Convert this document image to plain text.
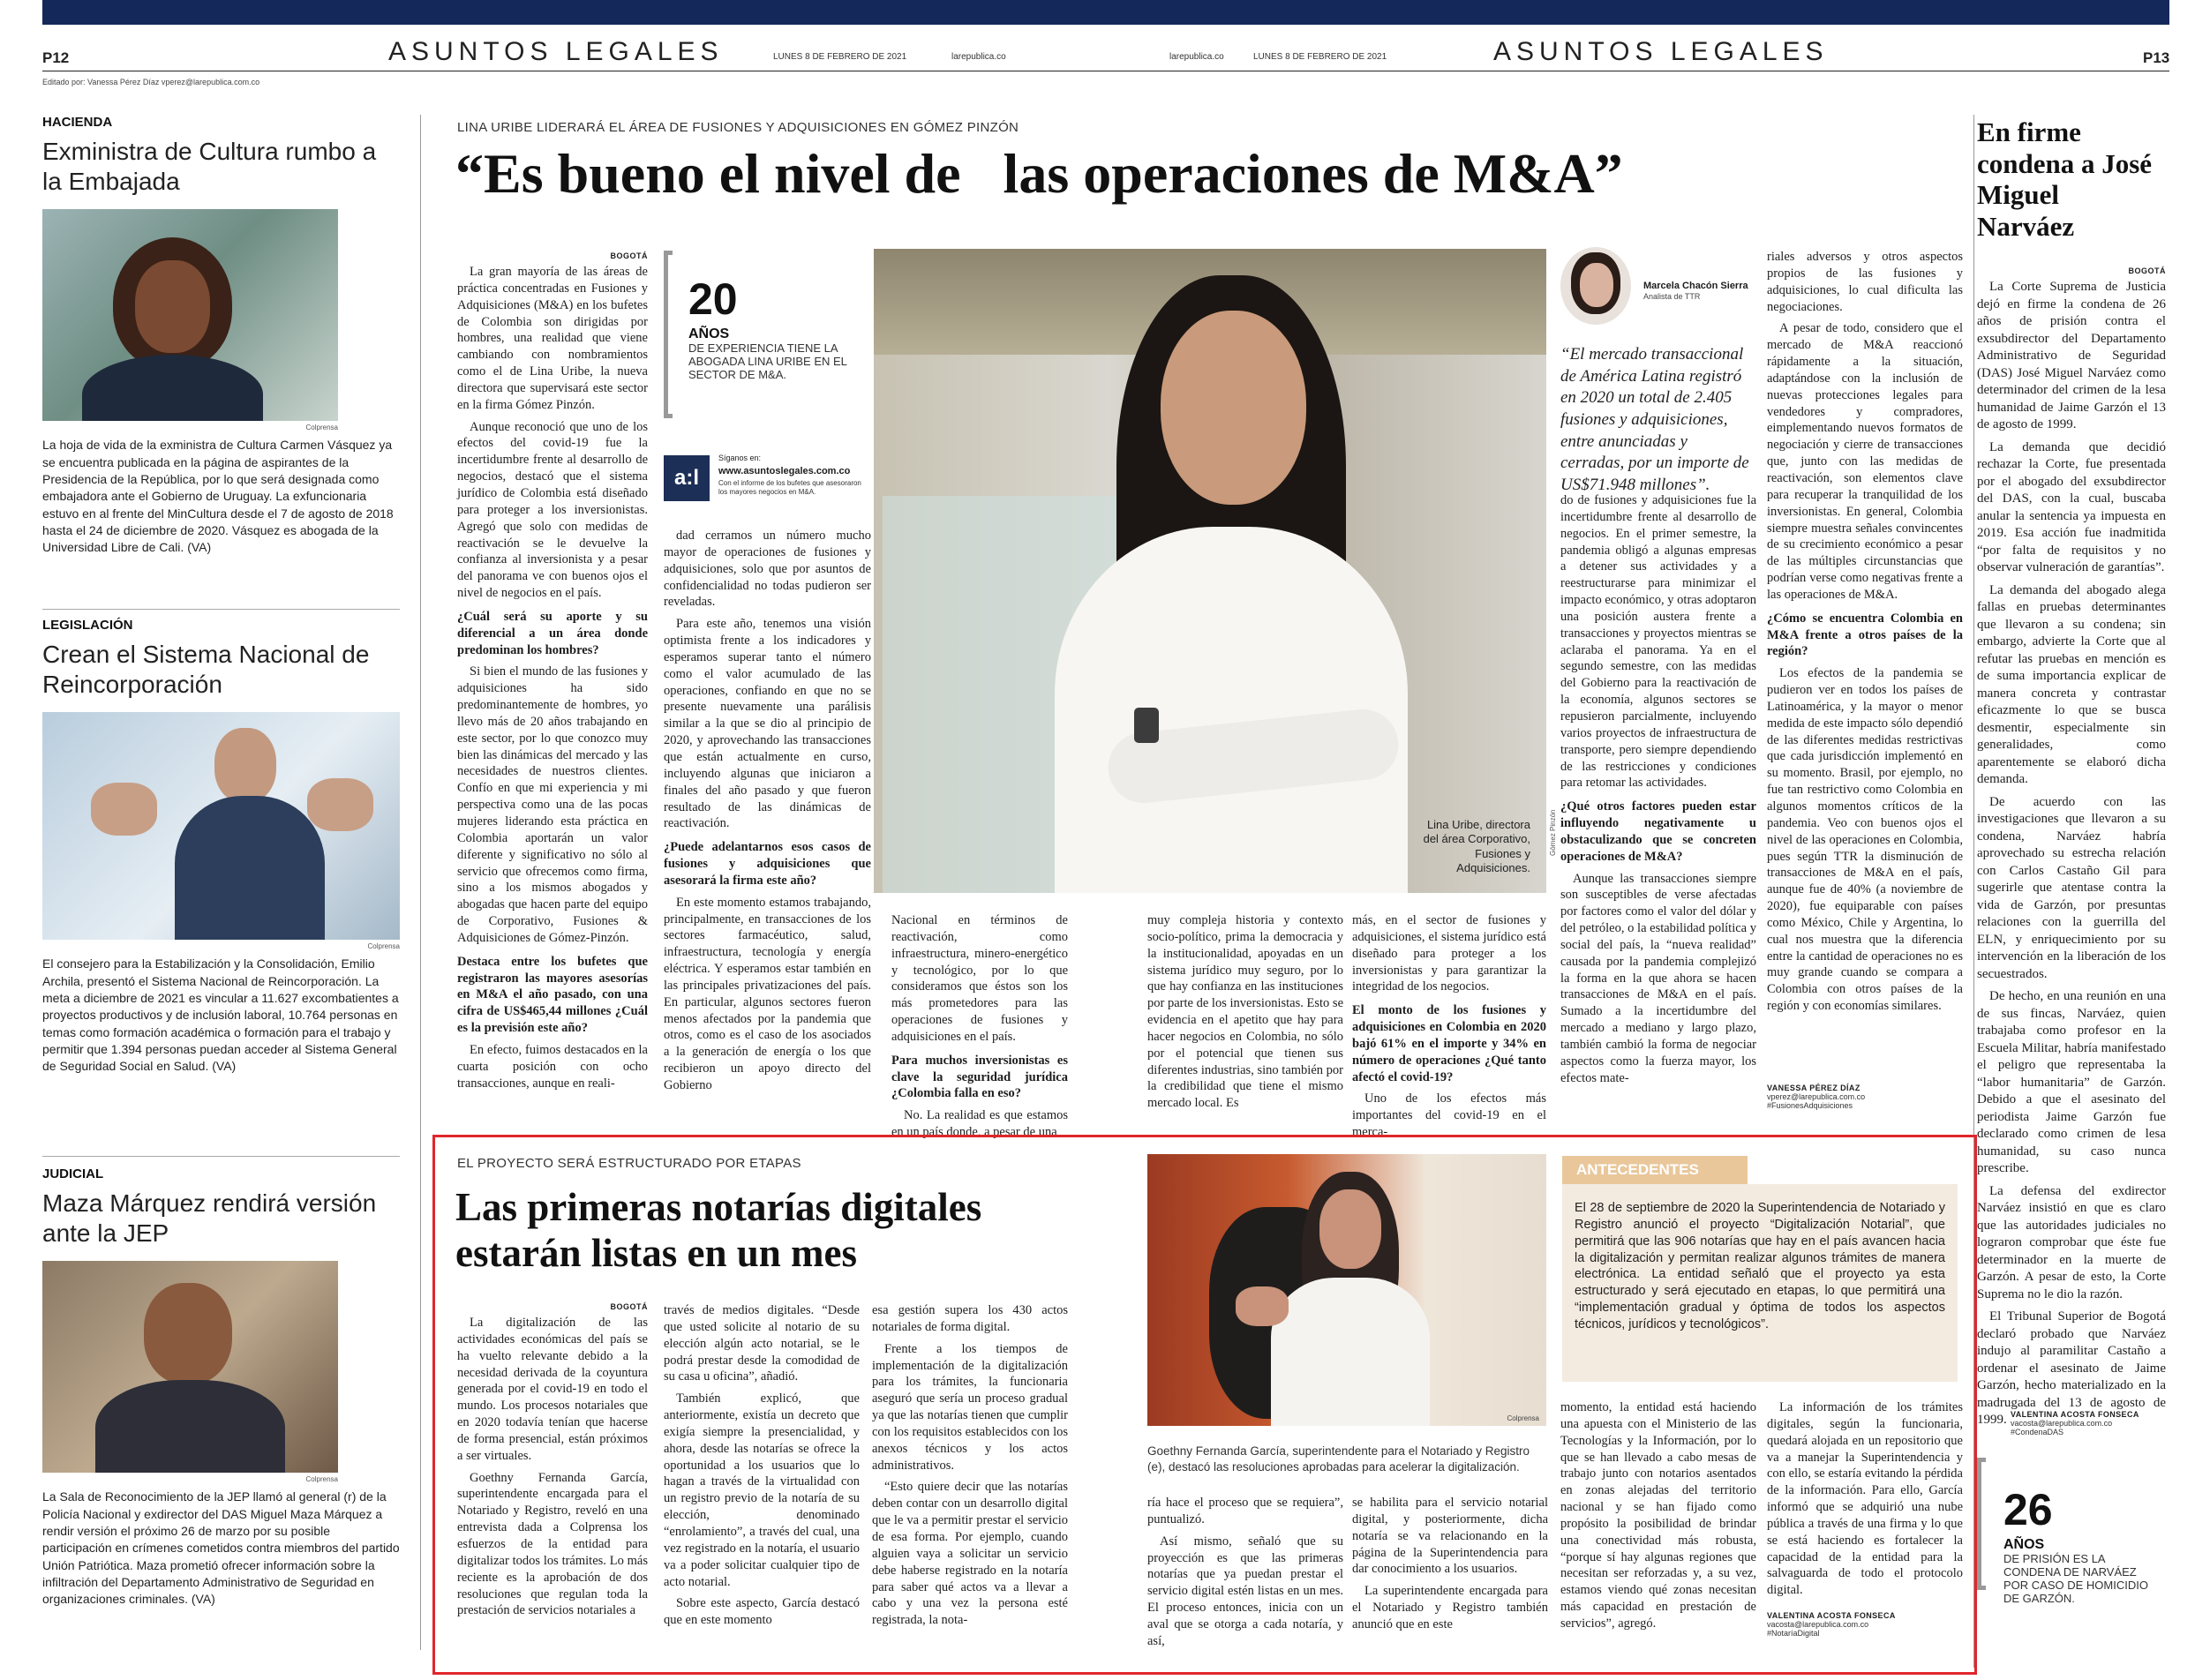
P12	ASUNTOS LEGALES	LUNES 8 DE FEBRERO DE 2021	larepublica.co	larepublica.co	LUNES 8 DE FEBRERO DE 2021	ASUNTOS LEGALES	P13
Editado por: Vanessa Pérez Díaz vperez@larepublica.com.co
HACIENDA
Exministra de Cultura rumbo a la Embajada
Colprensa
La hoja de vida de la exministra de Cultura Carmen Vásquez ya se encuentra publicada en la página de aspirantes de la Presidencia de la República, por lo que será designada como embajadora ante el Gobierno de Uruguay. La exfuncionaria estuvo en al frente del MinCultura desde el 7 de agosto de 2018 hasta el 24 de diciembre de 2020. Vásquez es abogada de la Universidad Libre de Cali. (VA)
LEGISLACIÓN
Crean el Sistema Nacional de Reincorporación
Colprensa
El consejero para la Estabilización y la Consolidación, Emilio Archila, presentó el Sistema Nacional de Reincorporación. La meta a diciembre de 2021 es vincular a 11.627 excombatientes a proyectos productivos y de inclusión laboral, 10.764 personas en temas como formación académica o formación para el trabajo y permitir que 1.394 personas puedan acceder al Sistema General de Seguridad Social en Salud. (VA)
JUDICIAL
Maza Márquez rendirá versión ante la JEP
Colprensa
La Sala de Reconocimiento de la JEP llamó al general (r) de la Policía Nacional y exdirector del DAS Miguel Maza Márquez a rendir versión el próximo 26 de marzo por su posible participación en crímenes cometidos contra miembros del partido Unión Patriótica. Maza prometió ofrecer información sobre la infiltración del Departamento Administrativo de Seguridad en organizaciones criminales. (VA)
LINA URIBE LIDERARÁ EL ÁREA DE FUSIONES Y ADQUISICIONES EN GÓMEZ PINZÓN
“Es bueno el nivel de   las operaciones de M&A”
BOGOTÁ

La gran mayoría de las áreas de práctica concentradas en Fusiones y Adquisiciones (M&A) en los bufetes de Colombia son dirigidas por hombres, una realidad que viene cambiando con nombramientos como el de Lina Uribe, la nueva directora que supervisará este sector en la firma Gómez Pinzón.

Aunque reconoció que uno de los efectos del covid-19 fue la incertidumbre frente al desarrollo de negocios, destacó que el sistema jurídico de Colombia está diseñado para proteger a los inversionistas. Agregó que solo con medidas de reactivación se le devuelve la confianza al inversionista y a pesar del panorama ve con buenos ojos el nivel de negocios en el país.

¿Cuál será su aporte y su diferencial a un área donde predominan los hombres?

Si bien el mundo de las fusiones y adquisiciones ha sido predominantemente de hombres, yo llevo más de 20 años trabajando en este sector, por lo que conozco muy bien las dinámicas del mercado y las necesidades de nuestros clientes. Confío en que mi experiencia y mi perspectiva como una de las pocas mujeres liderando esta práctica en Colombia aportarán un valor diferente y significativo no sólo al servicio que ofrecemos como firma, sino a los mismos abogados y abogadas que hacen parte del equipo de Corporativo, Fusiones & Adquisiciones de Gómez-Pinzón.

Destaca entre los bufetes que registraron las mayores asesorías en M&A el año pasado, con una cifra de US$465,44 millones ¿Cuál es la previsión este año?

En efecto, fuimos destacados en la cuarta posición con ocho transacciones, aunque en reali-

20
AÑOS
DE EXPERIENCIA TIENE LA ABOGADA LINA URIBE EN EL SECTOR DE M&A.
a:l
Síganos en:
www.asuntoslegales.com.co
Con el informe de los bufetes que asesoraron los mayores negocios en M&A.

dad cerramos un número mucho mayor de operaciones de fusiones y adquisiciones, solo que por asuntos de confidencialidad no todas pudieron ser reveladas.

Para este año, tenemos una visión optimista frente a los indicadores y esperamos superar tanto el número como el valor acumulado de las operaciones, confiando en que no se presente nuevamente una parálisis similar a la que se dio al principio de 2020, y aprovechando las transacciones que están actualmente en curso, incluyendo algunas que iniciaron a finales del año pasado y que fueron resultado de las dinámicas de reactivación.

¿Puede adelantarnos esos casos de fusiones y adquisiciones que asesorará la firma este año?

En este momento estamos trabajando, principalmente, en transacciones de los sectores farmacéutico, salud, infraestructura, tecnología y energía eléctrica. Y esperamos estar también en las principales privatizaciones del país. En particular, algunos sectores fueron menos afectados por la pandemia que otros, como es el caso de los asociados a la generación de energía o los que recibieron un apoyo directo del Gobierno

Lina Uribe, directora del área Corporativo, Fusiones y Adquisiciones.
Gómez Pinzón

Nacional en términos de reactivación, como infraestructura, minero-energético y tecnológico, por lo que consideramos que éstos son los más prometedores para las operaciones de fusiones y adquisiciones en el país.

Para muchos inversionistas es clave la seguridad jurídica ¿Colombia falla en eso?

No. La realidad es que estamos en un país donde, a pesar de una

muy compleja historia y contexto socio-político, prima la democracia y la institucionalidad, apoyadas en un sistema jurídico muy seguro, por lo que hay confianza en las instituciones por parte de los inversionistas. Esto se evidencia en el apetito que hay para hacer negocios en Colombia, no sólo por el potencial que tienen sus diferentes industrias, sino también por la credibilidad que tiene el mismo mercado local. Es

más, en el sector de fusiones y adquisiciones, el sistema jurídico está diseñado para proteger a los inversionistas y para garantizar la integridad de los negocios.

El monto de los fusiones y adquisiciones en Colombia en 2020 bajó 61% en el importe y 34% en número de operaciones ¿Qué tanto afectó el covid-19?

Uno de los efectos más importantes del covid-19 en el merca-

Marcela Chacón Sierra
Analista de TTR
“El mercado transaccional de América Latina registró en 2020 un total de 2.405 fusiones y adquisiciones, entre anunciadas y cerradas, por un importe de US$71.948 millones”.

do de fusiones y adquisiciones fue la incertidumbre frente al desarrollo de negocios. En el primer semestre, la pandemia obligó a algunas empresas a detener sus actividades y a reestructurarse para minimizar el impacto económico, y otras adoptaron una posición austera frente a transacciones y proyectos mientras se aclaraba el panorama. Ya en el segundo semestre, con las medidas del Gobierno para la reactivación de la economía, algunos sectores se repusieron parcialmente, incluyendo varios proyectos de infraestructura de transporte, pero siempre dependiendo de las restricciones y condiciones para retomar las actividades.

¿Qué otros factores pueden estar influyendo negativamente u obstaculizando que se concreten operaciones de M&A?

Aunque las transacciones siempre son susceptibles de verse afectadas por factores como el valor del dólar y del petróleo, o la estabilidad política y social del país, la “nueva realidad” causada por la pandemia complejizó la forma en la que ahora se hacen transacciones de M&A en el país. Sumado a la incertidumbre del mercado a mediano y largo plazo, también cambió la forma de negociar aspectos como la fuerza mayor, los efectos mate-

riales adversos y otros aspectos propios de las fusiones y adquisiciones, lo cual dificulta las negociaciones.

A pesar de todo, considero que el mercado de M&A reaccionó rápidamente a la situación, adaptándose con la inclusión de nuevas protecciones legales para vendedores y compradores, eimplementando nuevos formatos de negociación y cierre de transacciones que, junto con las medidas de reactivación, son elementos clave para recuperar la tranquilidad de los inversionistas. En general, Colombia siempre muestra señales convincentes de su crecimiento económico a pesar de las múltiples circunstancias que podrían verse como negativas frente a las operaciones de M&A.

¿Cómo se encuentra Colombia en M&A frente a otros países de la región?

Los efectos de la pandemia se pudieron ver en todos los países de Latinoamérica, y la mayor o menor medida de este impacto sólo dependió de las diferentes medidas restrictivas que cada jurisdicción implementó en su momento. Brasil, por ejemplo, no fue tan restrictivo como Colombia en algunos momentos críticos de la pandemia. Veo con buenos ojos el nivel de las operaciones en Colombia, pues según TTR la disminución de transacciones de M&A en el país, aunque fue de 40% (a noviembre de 2020), fue equiparable con países como México, Chile y Argentina, lo cual nos muestra que la diferencia entre la cantidad de operaciones no es muy grande cuando se compara a Colombia con otros países de la región y con economías similares.

VANESSA PÉREZ DÍAZ
vperez@larepublica.com.co
#FusionesAdquisiciones
En firme condena a José Miguel Narváez
BOGOTÁ

La Corte Suprema de Justicia dejó en firme la condena de 26 años de prisión contra el exsubdirector del Departamento Administrativo de Seguridad (DAS) José Miguel Narváez como determinador del crimen de la lesa humanidad de Jaime Garzón el 13 de agosto de 1999.

La demanda que decidió rechazar la Corte, fue presentada por el abogado del exsubdirector del DAS, con la cual, buscaba anular la sentencia ya impuesta en 2019. Esa acción fue inadmitida “por falta de requisitos y no observar vulneración de garantías”.

La demanda del abogado alega fallas en pruebas determinantes que llevaron a su condena; sin embargo, advierte la Corte que al refutar las pruebas en mención es de suma importancia explicar de manera concreta y contrastar eficazmente lo que se busca desmentir, especialmente sin generalidades, como aparentemente se elaboró dicha demanda.

De acuerdo con las investigaciones que llevaron a su condena, Narváez habría aprovechado su estrecha relación con Carlos Castaño Gil para sugerirle que atentase contra la vida de Garzón, por presuntas relaciones con la guerrilla del ELN, y enriquecimiento por su intervención en la liberación de los secuestrados.

De hecho, en una reunión en una de sus fincas, Narváez, quien trabajaba como profesor en la Escuela Militar, habría manifestado el peligro que representaba la “labor humanitaria” de Garzón. Debido a que el asesinato del periodista Jaime Garzón fue declarado como crimen de lesa humanidad, su caso nunca prescribe.

La defensa del exdirector Narváez insistió en que es claro que las autoridades judiciales no lograron comprobar que éste fue determinador en la muerte de Garzón. A pesar de esto, la Corte Suprema no le dio la razón.

El Tribunal Superior de Bogotá declaró probado que Narváez indujo al paramilitar Castaño a ordenar el asesinato de Jaime Garzón, hecho materializado en la madrugada del 13 de agosto de 1999. VALENTINA ACOSTA FONSECA
vacosta@larepublica.com.co
#CondenaDAS
26
AÑOS
DE PRISIÓN ES LA CONDENA DE NARVÁEZ POR CASO DE HOMICIDIO DE GARZÓN.
EL PROYECTO SERÁ ESTRUCTURADO POR ETAPAS
Las primeras notarías digitales
estarán listas en un mes
BOGOTÁ

La digitalización de las actividades económicas del país se ha vuelto relevante debido a la necesidad derivada de la coyuntura generada por el covid-19 en todo el mundo. Los procesos notariales que en 2020 todavía tenían que hacerse de forma presencial, están próximos a ser virtuales.

Goethny Fernanda García, superintendente encargada para el Notariado y Registro, reveló en una entrevista dada a Colprensa los esfuerzos de la entidad para digitalizar todos los trámites. Lo más reciente es la aprobación de dos resoluciones que regulan toda la prestación de servicios notariales a

través de medios digitales. “Desde que usted solicite al notario de su elección algún acto notarial, se le podrá prestar desde la comodidad de su casa u oficina”, añadió.

También explicó, que anteriormente, existía un decreto que exigía siempre la presencialidad, y ahora, desde las notarías se ofrece la oportunidad a los usuarios que lo hagan a través de la virtualidad con un registro previo de la notaría de su elección, denominado “enrolamiento”, a través del cual, una vez registrado en la notaría, el usuario va a poder solicitar cualquier tipo de acto notarial.

Sobre este aspecto, García destacó que en este momento

esa gestión supera los 430 actos notariales de forma digital.

Frente a los tiempos de implementación de la digitalización para los trámites, la funcionaria aseguró que sería un proceso gradual ya que las notarías tienen que cumplir con los requisitos establecidos con los anexos técnicos y los actos administrativos.

“Esto quiere decir que las notarías deben contar con un desarrollo digital que le va a permitir prestar el servicio de esa forma. Por ejemplo, cuando alguien vaya a solicitar un servicio debe haberse registrado en la notaría para saber qué actos va a llevar a cabo y una vez la persona esté registrada, la nota-

Colprensa
Goethny Fernanda García, superintendente para el Notariado y Registro (e), destacó las resoluciones aprobadas para acelerar la digitalización.

ría hace el proceso que se requiera”, puntualizó.

Así mismo, señaló que su proyección es que las primeras notarías que ya puedan prestar el servicio digital estén listas en un mes. El proceso entonces, inicia con un aval que se otorga a cada notaría, y así,

se habilita para el servicio notarial digital, y posteriormente, dicha notaría se va relacionando en la página de la Superintendencia para dar conocimiento a los usuarios.

La superintendente encargada para el Notariado y Registro también anunció que en este

ANTECEDENTES
El 28 de septiembre de 2020 la Superintendencia de Notariado y Registro anunció el proyecto “Digitalización Notarial”, que permitirá que las 906 notarías que hay en el país avancen hacia la digitalización y permitan realizar algunos trámites de manera electrónica. La entidad señaló que el proyecto ya esta estructurado y será ejecutado en etapas, lo que permitirá una “implementación gradual y óptima de todos los aspectos técnicos, jurídicos y tecnológicos”.

momento, la entidad está haciendo una apuesta con el Ministerio de las Tecnologías y la Información, por lo que se han llevado a cabo mesas de trabajo junto con notarios asentados en zonas alejadas del territorio nacional y se han fijado como propósito la posibilidad de brindar una conectividad más robusta, “porque sí hay algunas regiones que necesitan ser reforzadas y, a su vez, estamos viendo qué zonas necesitan más capacidad en prestación de servicios”, agregó.

La información de los trámites digitales, según la funcionaria, quedará alojada en un repositorio que va a manejar la Superintendencia y con ello, se estaría evitando la pérdida de la información. Para ello, García informó que se adquirió una nube pública a través de una firma y lo que se está haciendo es fortalecer la capacidad de la entidad para la salvaguarda de todo el protocolo digital.

VALENTINA ACOSTA FONSECA
vacosta@larepublica.com.co
#NotaríaDigital
